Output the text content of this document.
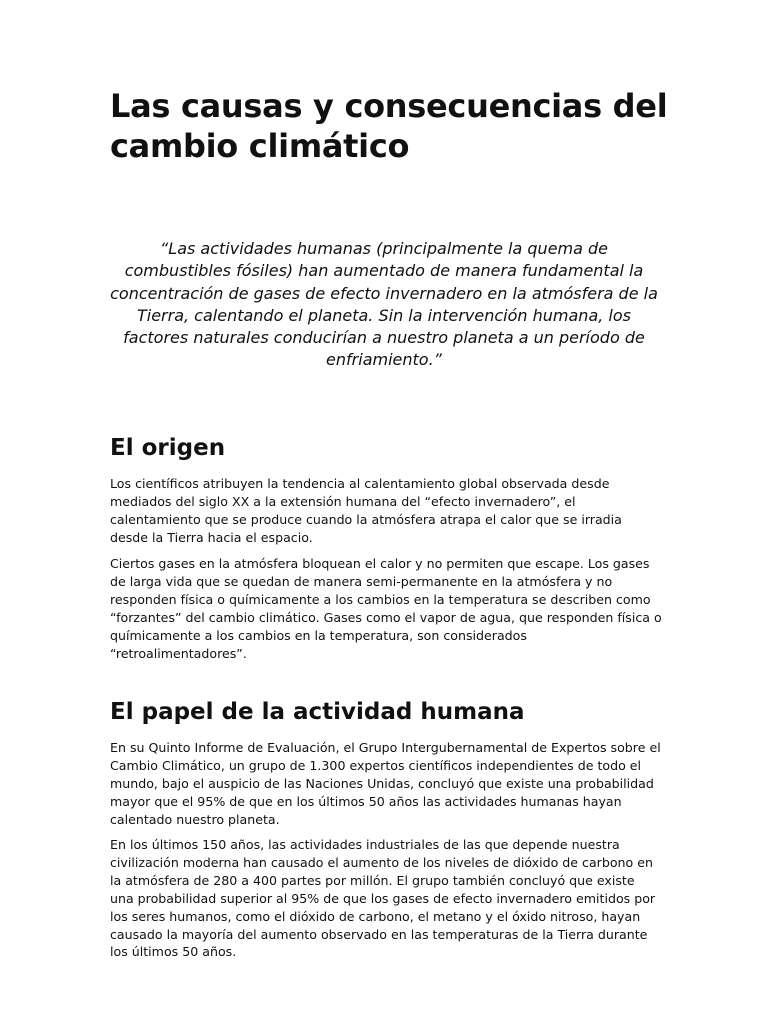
Las causas y consecuencias del cambio climático

“Las actividades humanas (principalmente la quema de combustibles fósiles) han aumentado de manera fundamental la concentración de gases de efecto invernadero en la atmósfera de la Tierra, calentando el planeta. Sin la intervención humana, los factores naturales conducirían a nuestro planeta a un período de enfriamiento.”

El origen

Los científicos atribuyen la tendencia al calentamiento global observada desde mediados del siglo XX a la extensión humana del “efecto invernadero”, el calentamiento que se produce cuando la atmósfera atrapa el calor que se irradia desde la Tierra hacia el espacio.

Ciertos gases en la atmósfera bloquean el calor y no permiten que escape. Los gases de larga vida que se quedan de manera semi-permanente en la atmósfera y no responden física o químicamente a los cambios en la temperatura se describen como “forzantes” del cambio climático. Gases como el vapor de agua, que responden física o químicamente a los cambios en la temperatura, son considerados “retroalimentadores”.

El papel de la actividad humana

En su Quinto Informe de Evaluación, el Grupo Intergubernamental de Expertos sobre el Cambio Climático, un grupo de 1.300 expertos científicos independientes de todo el mundo, bajo el auspicio de las Naciones Unidas, concluyó que existe una probabilidad mayor que el 95% de que en los últimos 50 años las actividades humanas hayan calentado nuestro planeta.

En los últimos 150 años, las actividades industriales de las que depende nuestra civilización moderna han causado el aumento de los niveles de dióxido de carbono en la atmósfera de 280 a 400 partes por millón. El grupo también concluyó que existe una probabilidad superior al 95% de que los gases de efecto invernadero emitidos por los seres humanos, como el dióxido de carbono, el metano y el óxido nitroso, hayan causado la mayoría del aumento observado en las temperaturas de la Tierra durante los últimos 50 años.
